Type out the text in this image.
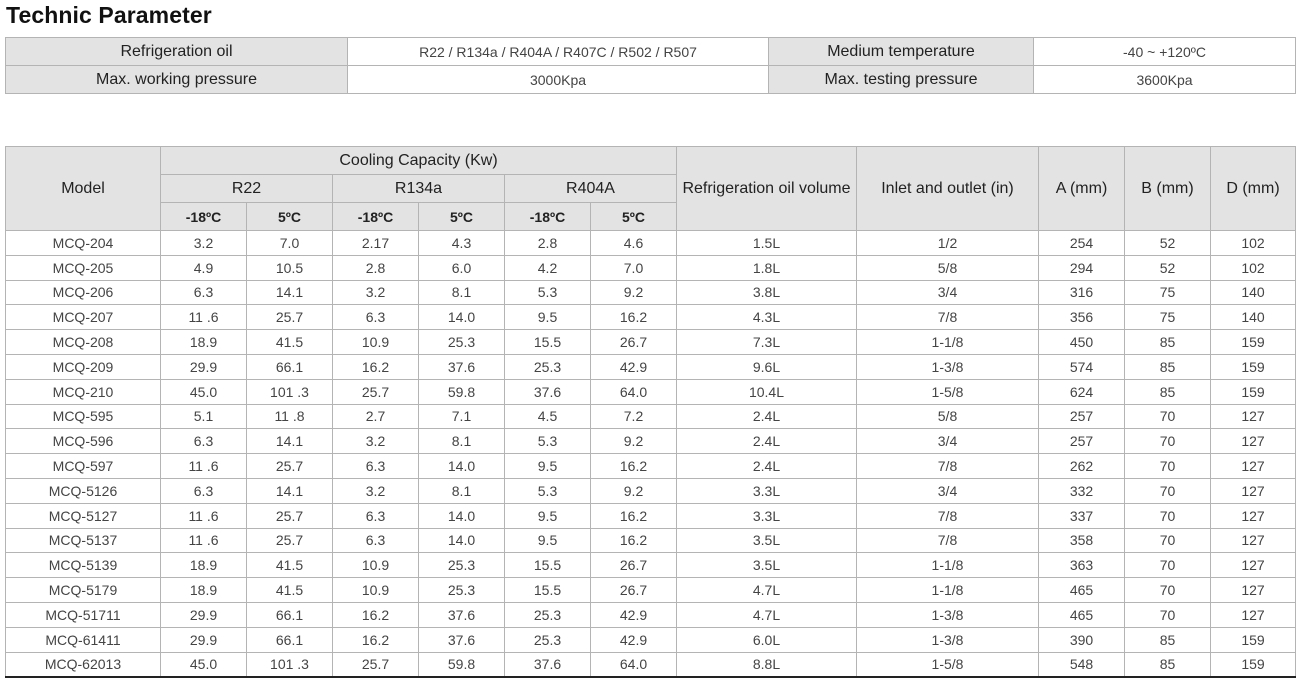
Technic Parameter
Refrigeration oil	R22 / R134a / R404A / R407C / R502 / R507	Medium temperature	-40 ~ +120ºC
Max. working pressure	3000Kpa	Max. testing pressure	3600Kpa
Model	Cooling Capacity (Kw)						Refrigeration oil volume	Inlet and outlet (in)	A (mm)	B (mm)	D (mm)
	R22		R134a		R404A						
	-18ºC	5ºC	-18ºC	5ºC	-18ºC	5ºC					
MCQ-204	3.2	7.0	2.17	4.3	2.8	4.6	1.5L	1/2	254	52	102
MCQ-205	4.9	10.5	2.8	6.0	4.2	7.0	1.8L	5/8	294	52	102
MCQ-206	6.3	14.1	3.2	8.1	5.3	9.2	3.8L	3/4	316	75	140
MCQ-207	11 .6	25.7	6.3	14.0	9.5	16.2	4.3L	7/8	356	75	140
MCQ-208	18.9	41.5	10.9	25.3	15.5	26.7	7.3L	1-1/8	450	85	159
MCQ-209	29.9	66.1	16.2	37.6	25.3	42.9	9.6L	1-3/8	574	85	159
MCQ-210	45.0	101 .3	25.7	59.8	37.6	64.0	10.4L	1-5/8	624	85	159
MCQ-595	5.1	11 .8	2.7	7.1	4.5	7.2	2.4L	5/8	257	70	127
MCQ-596	6.3	14.1	3.2	8.1	5.3	9.2	2.4L	3/4	257	70	127
MCQ-597	11 .6	25.7	6.3	14.0	9.5	16.2	2.4L	7/8	262	70	127
MCQ-5126	6.3	14.1	3.2	8.1	5.3	9.2	3.3L	3/4	332	70	127
MCQ-5127	11 .6	25.7	6.3	14.0	9.5	16.2	3.3L	7/8	337	70	127
MCQ-5137	11 .6	25.7	6.3	14.0	9.5	16.2	3.5L	7/8	358	70	127
MCQ-5139	18.9	41.5	10.9	25.3	15.5	26.7	3.5L	1-1/8	363	70	127
MCQ-5179	18.9	41.5	10.9	25.3	15.5	26.7	4.7L	1-1/8	465	70	127
MCQ-51711	29.9	66.1	16.2	37.6	25.3	42.9	4.7L	1-3/8	465	70	127
MCQ-61411	29.9	66.1	16.2	37.6	25.3	42.9	6.0L	1-3/8	390	85	159
MCQ-62013	45.0	101 .3	25.7	59.8	37.6	64.0	8.8L	1-5/8	548	85	159
